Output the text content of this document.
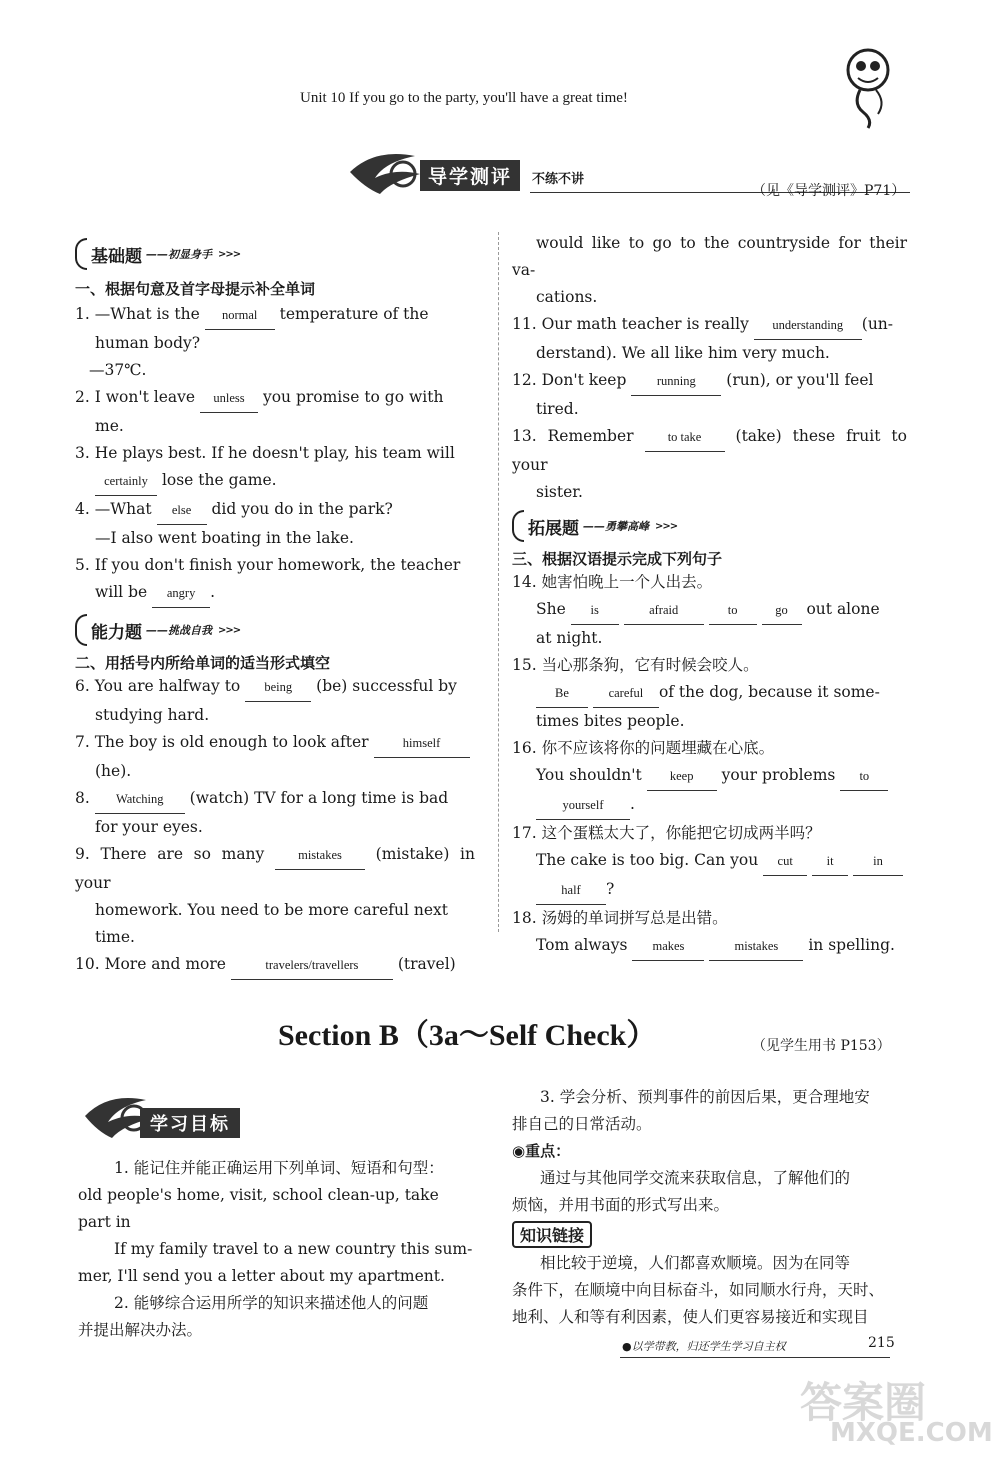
Unit 10 If you go to the party, you'll have a great time!
导学测评	不练不讲
（见《导学测评》P71）
基础题 ——初显身手 >>>
一、根据句意及首字母提示补全单词
1. —What is the normal temperature of the
human body?
—37℃.
2. I won't leave unless you promise to go with
me.
3. He plays best. If he doesn't play, his team will
certainly lose the game.
4. —What else did you do in the park?
—I also went boating in the lake.
5. If you don't finish your homework, the teacher
will be angry .
能力题 ——挑战自我 >>>
二、用括号内所给单词的适当形式填空
6. You are halfway to being (be) successful by
studying hard.
7. The boy is old enough to look after	himself
(he).
8. Watching (watch) TV for a long time is bad
for your eyes.
9. There are so many	mistakes (mistake) in your
homework. You need to be more careful next
time.
10. More and more	travelers/travellers	(travel)
would like to go to the countryside for their va-
cations.
11. Our math teacher is really understanding (un-
derstand). We all like him very much.
12. Don't keep running (run), or you'll feel
tired.
13. Remember	to take (take) these fruit to your
sister.
拓展题 ——勇攀高峰 >>>
三、根据汉语提示完成下列句子
14. 她害怕晚上一个人出去。
She is	afraid	to	go out alone
at night.
15. 当心那条狗，它有时候会咬人。
Be	careful of the dog, because it some-
times bites people.
16. 你不应该将你的问题埋藏在心底。
You shouldn't keep your problems to
yourself .
17. 这个蛋糕太大了，你能把它切成两半吗？
The cake is too big. Can you cut	it	in
half ?
18. 汤姆的单词拼写总是出错。
Tom always makes	mistakes in spelling.
Section B（3a～Self Check）	（见学生用书 P153）
学习目标
1. 能记住并能正确运用下列单词、短语和句型：
old people's home, visit, school clean-up, take
part in
If my family travel to a new country this sum-
mer, I'll send you a letter about my apartment.
2. 能够综合运用所学的知识来描述他人的问题
并提出解决办法。
3. 学会分析、预判事件的前因后果，更合理地安
排自己的日常活动。
◉重点：
通过与其他同学交流来获取信息，了解他们的
烦恼，并用书面的形式写出来。
知识链接
相比较于逆境，人们都喜欢顺境。因为在同等
条件下，在顺境中向目标奋斗，如同顺水行舟，天时、
地利、人和等有利因素，使人们更容易接近和实现目
●以学带教，归还学生学习自主权	215
答案圈
MXQE.COM
